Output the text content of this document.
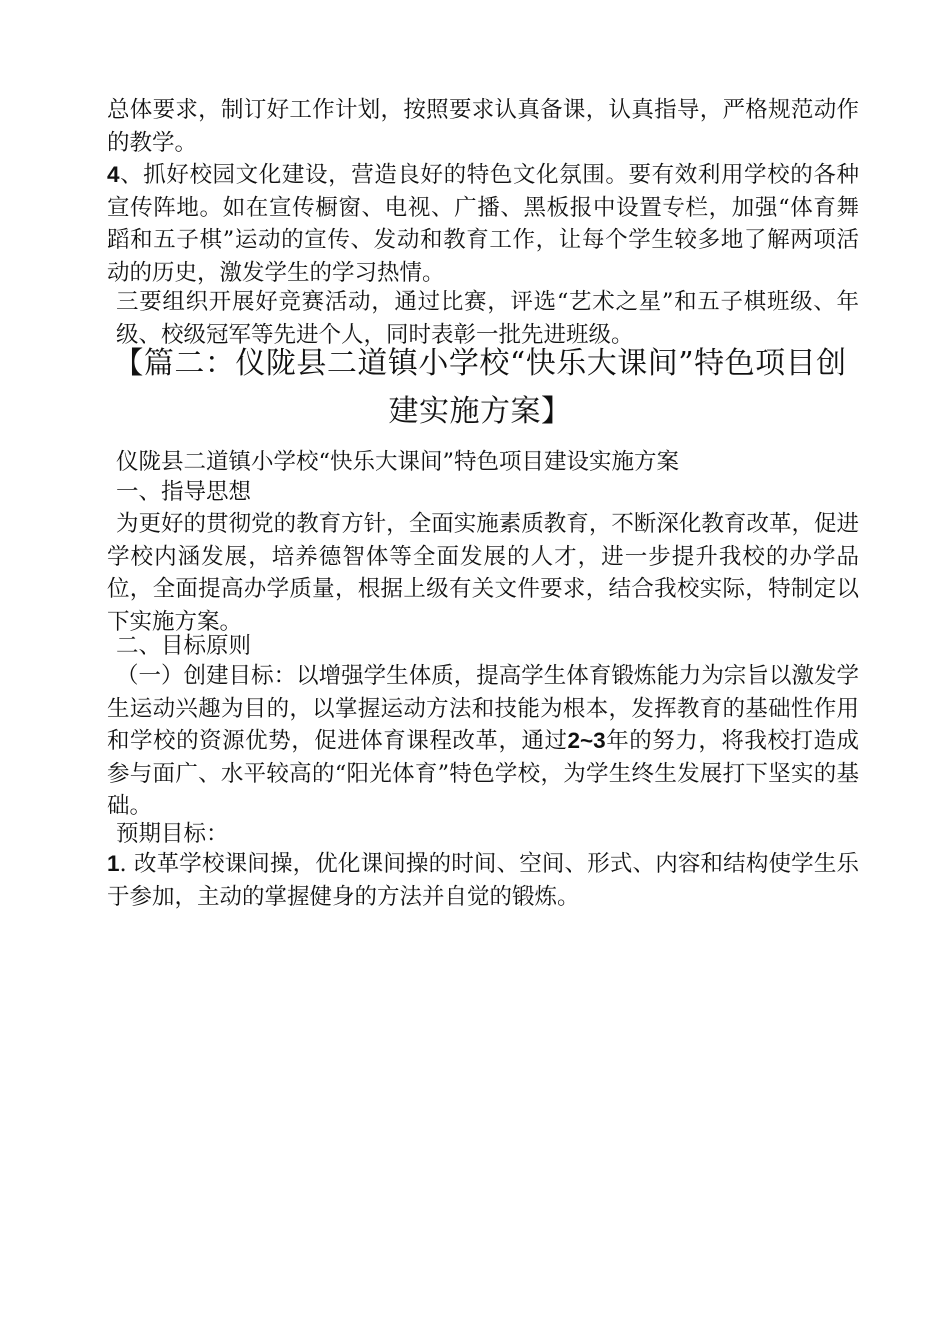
总体要求，制订好工作计划，按照要求认真备课，认真指导，严格规范动作的教学。
4、抓好校园文化建设，营造良好的特色文化氛围。要有效利用学校的各种宣传阵地。如在宣传橱窗、电视、广播、黑板报中设置专栏，加强“体育舞蹈和五子棋”运动的宣传、发动和教育工作，让每个学生较多地了解两项活动的历史，激发学生的学习热情。
三要组织开展好竞赛活动，通过比赛，评选“艺术之星”和五子棋班级、年级、校级冠军等先进个人，同时表彰一批先进班级。
【篇二：仪陇县二道镇小学校“快乐大课间”特色项目创
建实施方案】
仪陇县二道镇小学校“快乐大课间”特色项目建设实施方案
一、指导思想
为更好的贯彻党的教育方针，全面实施素质教育，不断深化教育改革，促进学校内涵发展，培养德智体等全面发展的人才，进一步提升我校的办学品位，全面提高办学质量，根据上级有关文件要求，结合我校实际，特制定以下实施方案。
二、目标原则
（一）创建目标：以增强学生体质，提高学生体育锻炼能力为宗旨以激发学生运动兴趣为目的，以掌握运动方法和技能为根本，发挥教育的基础性作用和学校的资源优势，促进体育课程改革，通过2~3年的努力，将我校打造成参与面广、水平较高的“阳光体育”特色学校，为学生终生发展打下坚实的基础。
预期目标：
1. 改革学校课间操，优化课间操的时间、空间、形式、内容和结构使学生乐于参加，主动的掌握健身的方法并自觉的锻炼。
